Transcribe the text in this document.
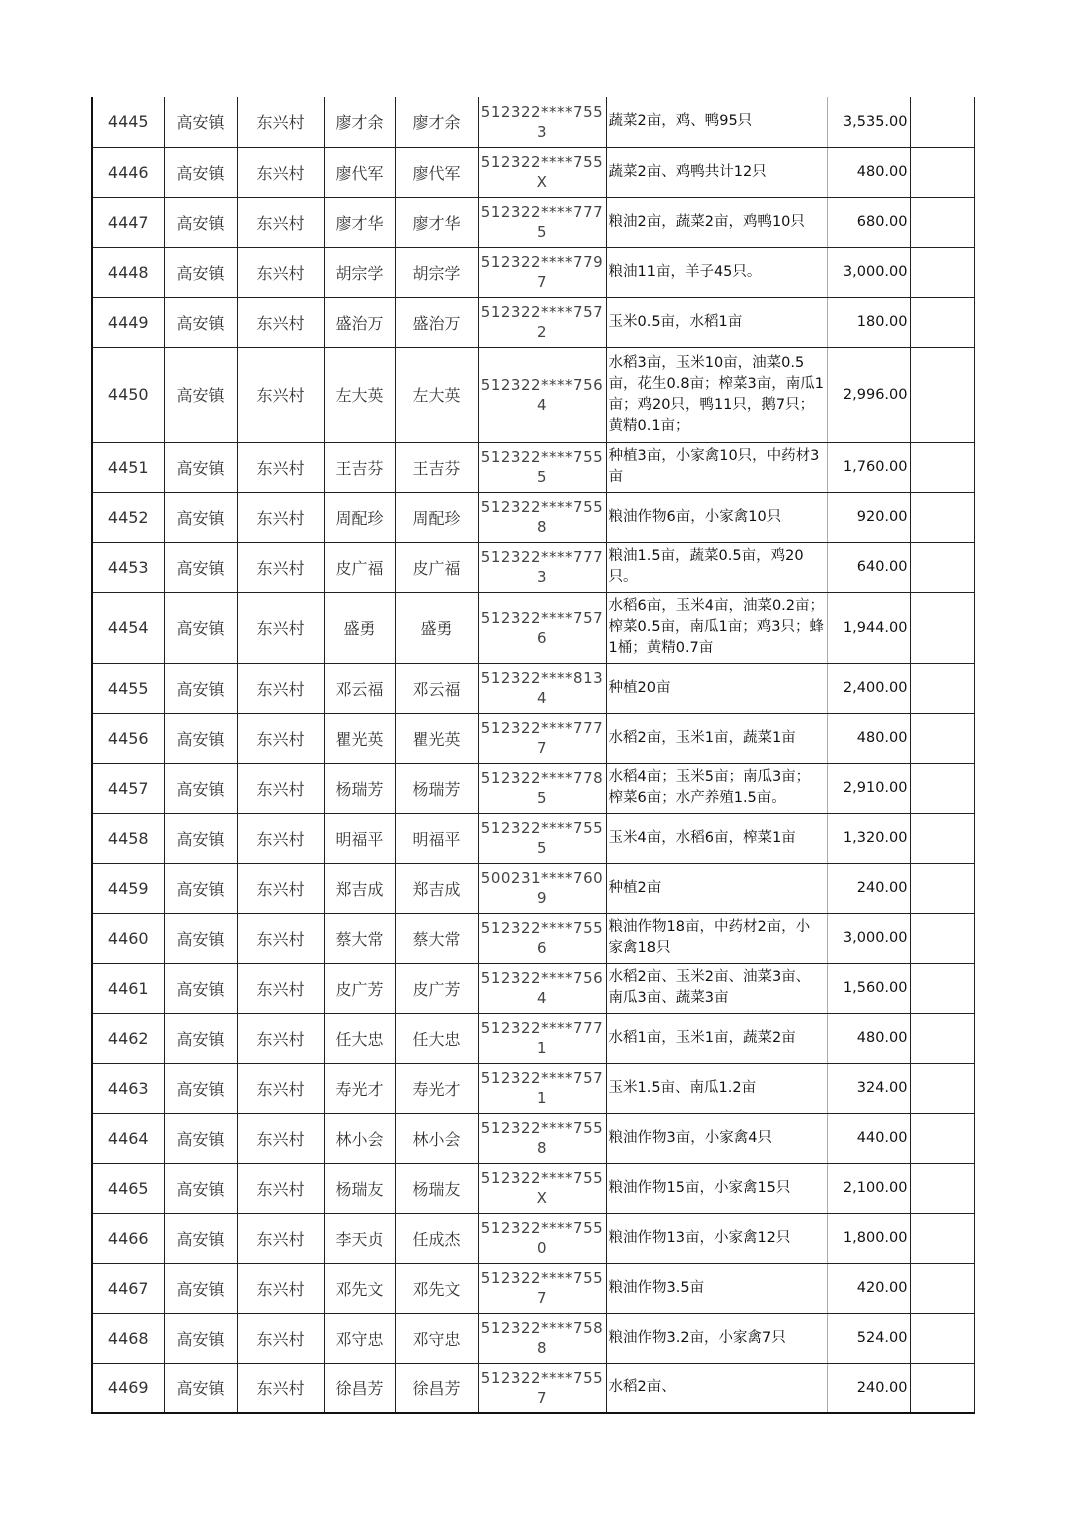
4445	高安镇	东兴村	廖才余	廖才余	512322****7553	蔬菜2亩，鸡、鸭95只	3,535.00	
4446	高安镇	东兴村	廖代军	廖代军	512322****755X	蔬菜2亩、鸡鸭共计12只	480.00	
4447	高安镇	东兴村	廖才华	廖才华	512322****7775	粮油2亩，蔬菜2亩，鸡鸭10只	680.00	
4448	高安镇	东兴村	胡宗学	胡宗学	512322****7797	粮油11亩，羊子45只。	3,000.00	
4449	高安镇	东兴村	盛治万	盛治万	512322****7572	玉米0.5亩，水稻1亩	180.00	
4450	高安镇	东兴村	左大英	左大英	512322****7564	水稻3亩，玉米10亩，油菜0.5亩，花生0.8亩；榨菜3亩，南瓜1亩；鸡20只，鸭11只，鹅7只；黄精0.1亩；	2,996.00	
4451	高安镇	东兴村	王吉芬	王吉芬	512322****7555	种植3亩，小家禽10只，中药材3亩	1,760.00	
4452	高安镇	东兴村	周配珍	周配珍	512322****7558	粮油作物6亩，小家禽10只	920.00	
4453	高安镇	东兴村	皮广福	皮广福	512322****7773	粮油1.5亩，蔬菜0.5亩，鸡20只。	640.00	
4454	高安镇	东兴村	盛勇	盛勇	512322****7576	水稻6亩，玉米4亩，油菜0.2亩；榨菜0.5亩，南瓜1亩；鸡3只；蜂1桶；黄精0.7亩	1,944.00	
4455	高安镇	东兴村	邓云福	邓云福	512322****8134	种植20亩	2,400.00	
4456	高安镇	东兴村	瞿光英	瞿光英	512322****7777	水稻2亩，玉米1亩，蔬菜1亩	480.00	
4457	高安镇	东兴村	杨瑞芳	杨瑞芳	512322****7785	水稻4亩；玉米5亩；南瓜3亩；榨菜6亩；水产养殖1.5亩。	2,910.00	
4458	高安镇	东兴村	明福平	明福平	512322****7555	玉米4亩，水稻6亩，榨菜1亩	1,320.00	
4459	高安镇	东兴村	郑吉成	郑吉成	500231****7609	种植2亩	240.00	
4460	高安镇	东兴村	蔡大常	蔡大常	512322****7556	粮油作物18亩，中药材2亩，小家禽18只	3,000.00	
4461	高安镇	东兴村	皮广芳	皮广芳	512322****7564	水稻2亩、玉米2亩、油菜3亩、南瓜3亩、蔬菜3亩	1,560.00	
4462	高安镇	东兴村	任大忠	任大忠	512322****7771	水稻1亩，玉米1亩，蔬菜2亩	480.00	
4463	高安镇	东兴村	寿光才	寿光才	512322****7571	玉米1.5亩、南瓜1.2亩	324.00	
4464	高安镇	东兴村	林小会	林小会	512322****7558	粮油作物3亩，小家禽4只	440.00	
4465	高安镇	东兴村	杨瑞友	杨瑞友	512322****755X	粮油作物15亩，小家禽15只	2,100.00	
4466	高安镇	东兴村	李天贞	任成杰	512322****7550	粮油作物13亩，小家禽12只	1,800.00	
4467	高安镇	东兴村	邓先文	邓先文	512322****7557	粮油作物3.5亩	420.00	
4468	高安镇	东兴村	邓守忠	邓守忠	512322****7588	粮油作物3.2亩，小家禽7只	524.00	
4469	高安镇	东兴村	徐昌芳	徐昌芳	512322****7557	水稻2亩、	240.00	
